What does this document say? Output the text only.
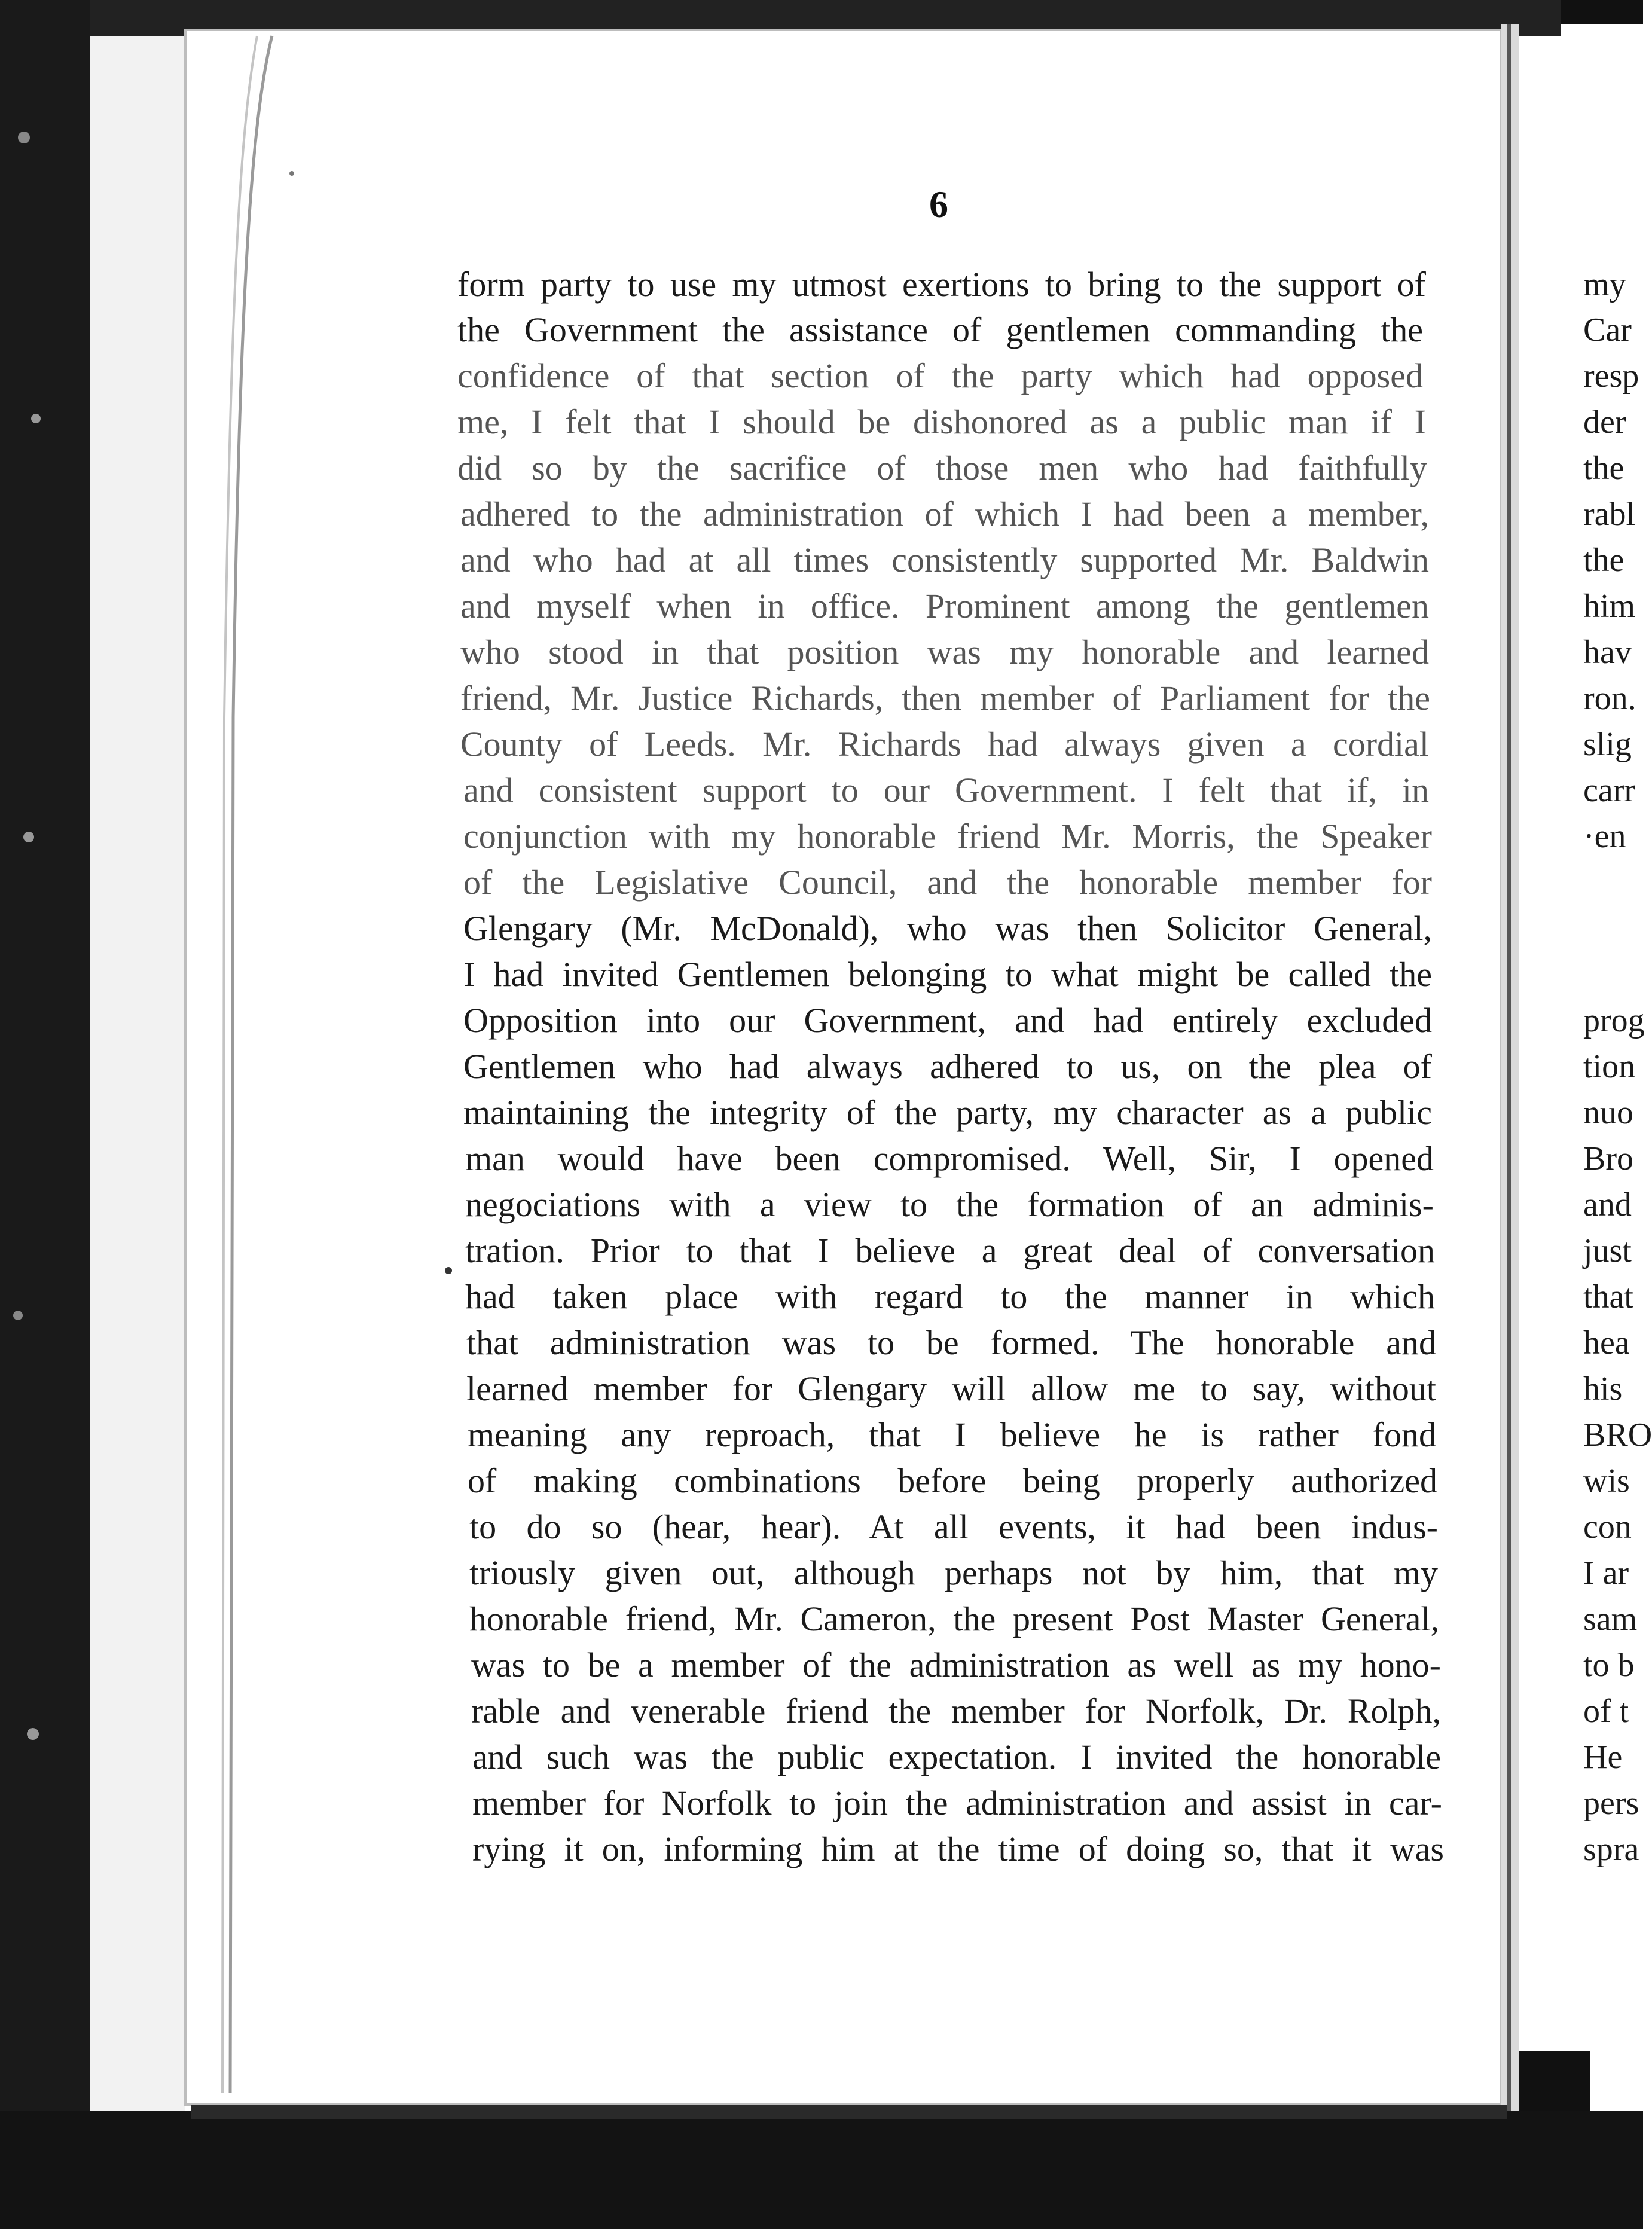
6

form party to use my utmost exertions to bring to the support of

the Government the assistance of gentlemen commanding the

confidence of that section of the party which had opposed

me, I felt that I should be dishonored as a public man if I

did so by the sacrifice of those men who had faithfully

adhered to the administration of which I had been a member,

and who had at all times consistently supported Mr. Baldwin

and myself when in office. Prominent among the gentlemen

who stood in that position was my honorable and learned

friend, Mr. Justice Richards, then member of Parliament for the

County of Leeds. Mr. Richards had always given a cordial

and consistent support to our Government. I felt that if, in

conjunction with my honorable friend Mr. Morris, the Speaker

of the Legislative Council, and the honorable member for

Glengary (Mr. McDonald), who was then Solicitor General,

I had invited Gentlemen belonging to what might be called the

Opposition into our Government, and had entirely excluded

Gentlemen who had always adhered to us, on the plea of

maintaining the integrity of the party, my character as a public

man would have been compromised. Well, Sir, I opened

negociations with a view to the formation of an adminis-

tration. Prior to that I believe a great deal of conversation

had taken place with regard to the manner in which

that administration was to be formed. The honorable and

learned member for Glengary will allow me to say, without

meaning any reproach, that I believe he is rather fond

of making combinations before being properly authorized

to do so (hear, hear). At all events, it had been indus-

triously given out, although perhaps not by him, that my

honorable friend, Mr. Cameron, the present Post Master General,

was to be a member of the administration as well as my hono-

rable and venerable friend the member for Norfolk, Dr. Rolph,

and such was the public expectation. I invited the honorable

member for Norfolk to join the administration and assist in car-

rying it on, informing him at the time of doing so, that it was

my

Car

resp

der

the

rabl

the

him

hav

ron.

slig

carr

·en

prog

tion

nuo

Bro

and

just

that

hea

his

BRO

wis

con

I ar

sam

to b

of t

He

pers

spra
